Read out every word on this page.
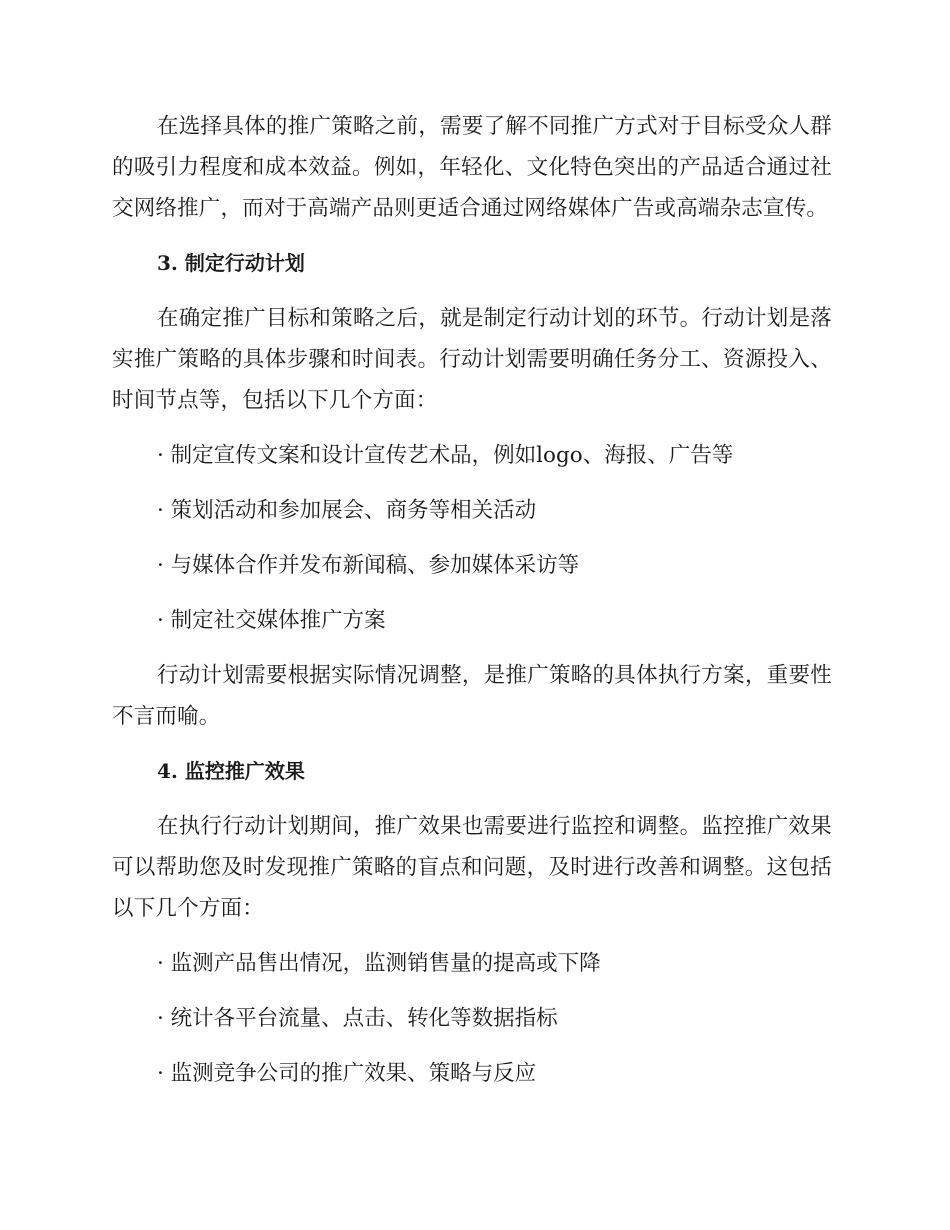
在选择具体的推广策略之前，需要了解不同推广方式对于目标受众人群的吸引力程度和成本效益。例如，年轻化、文化特色突出的产品适合通过社交网络推广，而对于高端产品则更适合通过网络媒体广告或高端杂志宣传。

3. 制定行动计划

在确定推广目标和策略之后，就是制定行动计划的环节。行动计划是落实推广策略的具体步骤和时间表。行动计划需要明确任务分工、资源投入、时间节点等，包括以下几个方面：

· 制定宣传文案和设计宣传艺术品，例如logo、海报、广告等

· 策划活动和参加展会、商务等相关活动

· 与媒体合作并发布新闻稿、参加媒体采访等

· 制定社交媒体推广方案

行动计划需要根据实际情况调整，是推广策略的具体执行方案，重要性不言而喻。

4. 监控推广效果

在执行行动计划期间，推广效果也需要进行监控和调整。监控推广效果可以帮助您及时发现推广策略的盲点和问题，及时进行改善和调整。这包括以下几个方面：

· 监测产品售出情况，监测销售量的提高或下降

· 统计各平台流量、点击、转化等数据指标

· 监测竞争公司的推广效果、策略与反应
